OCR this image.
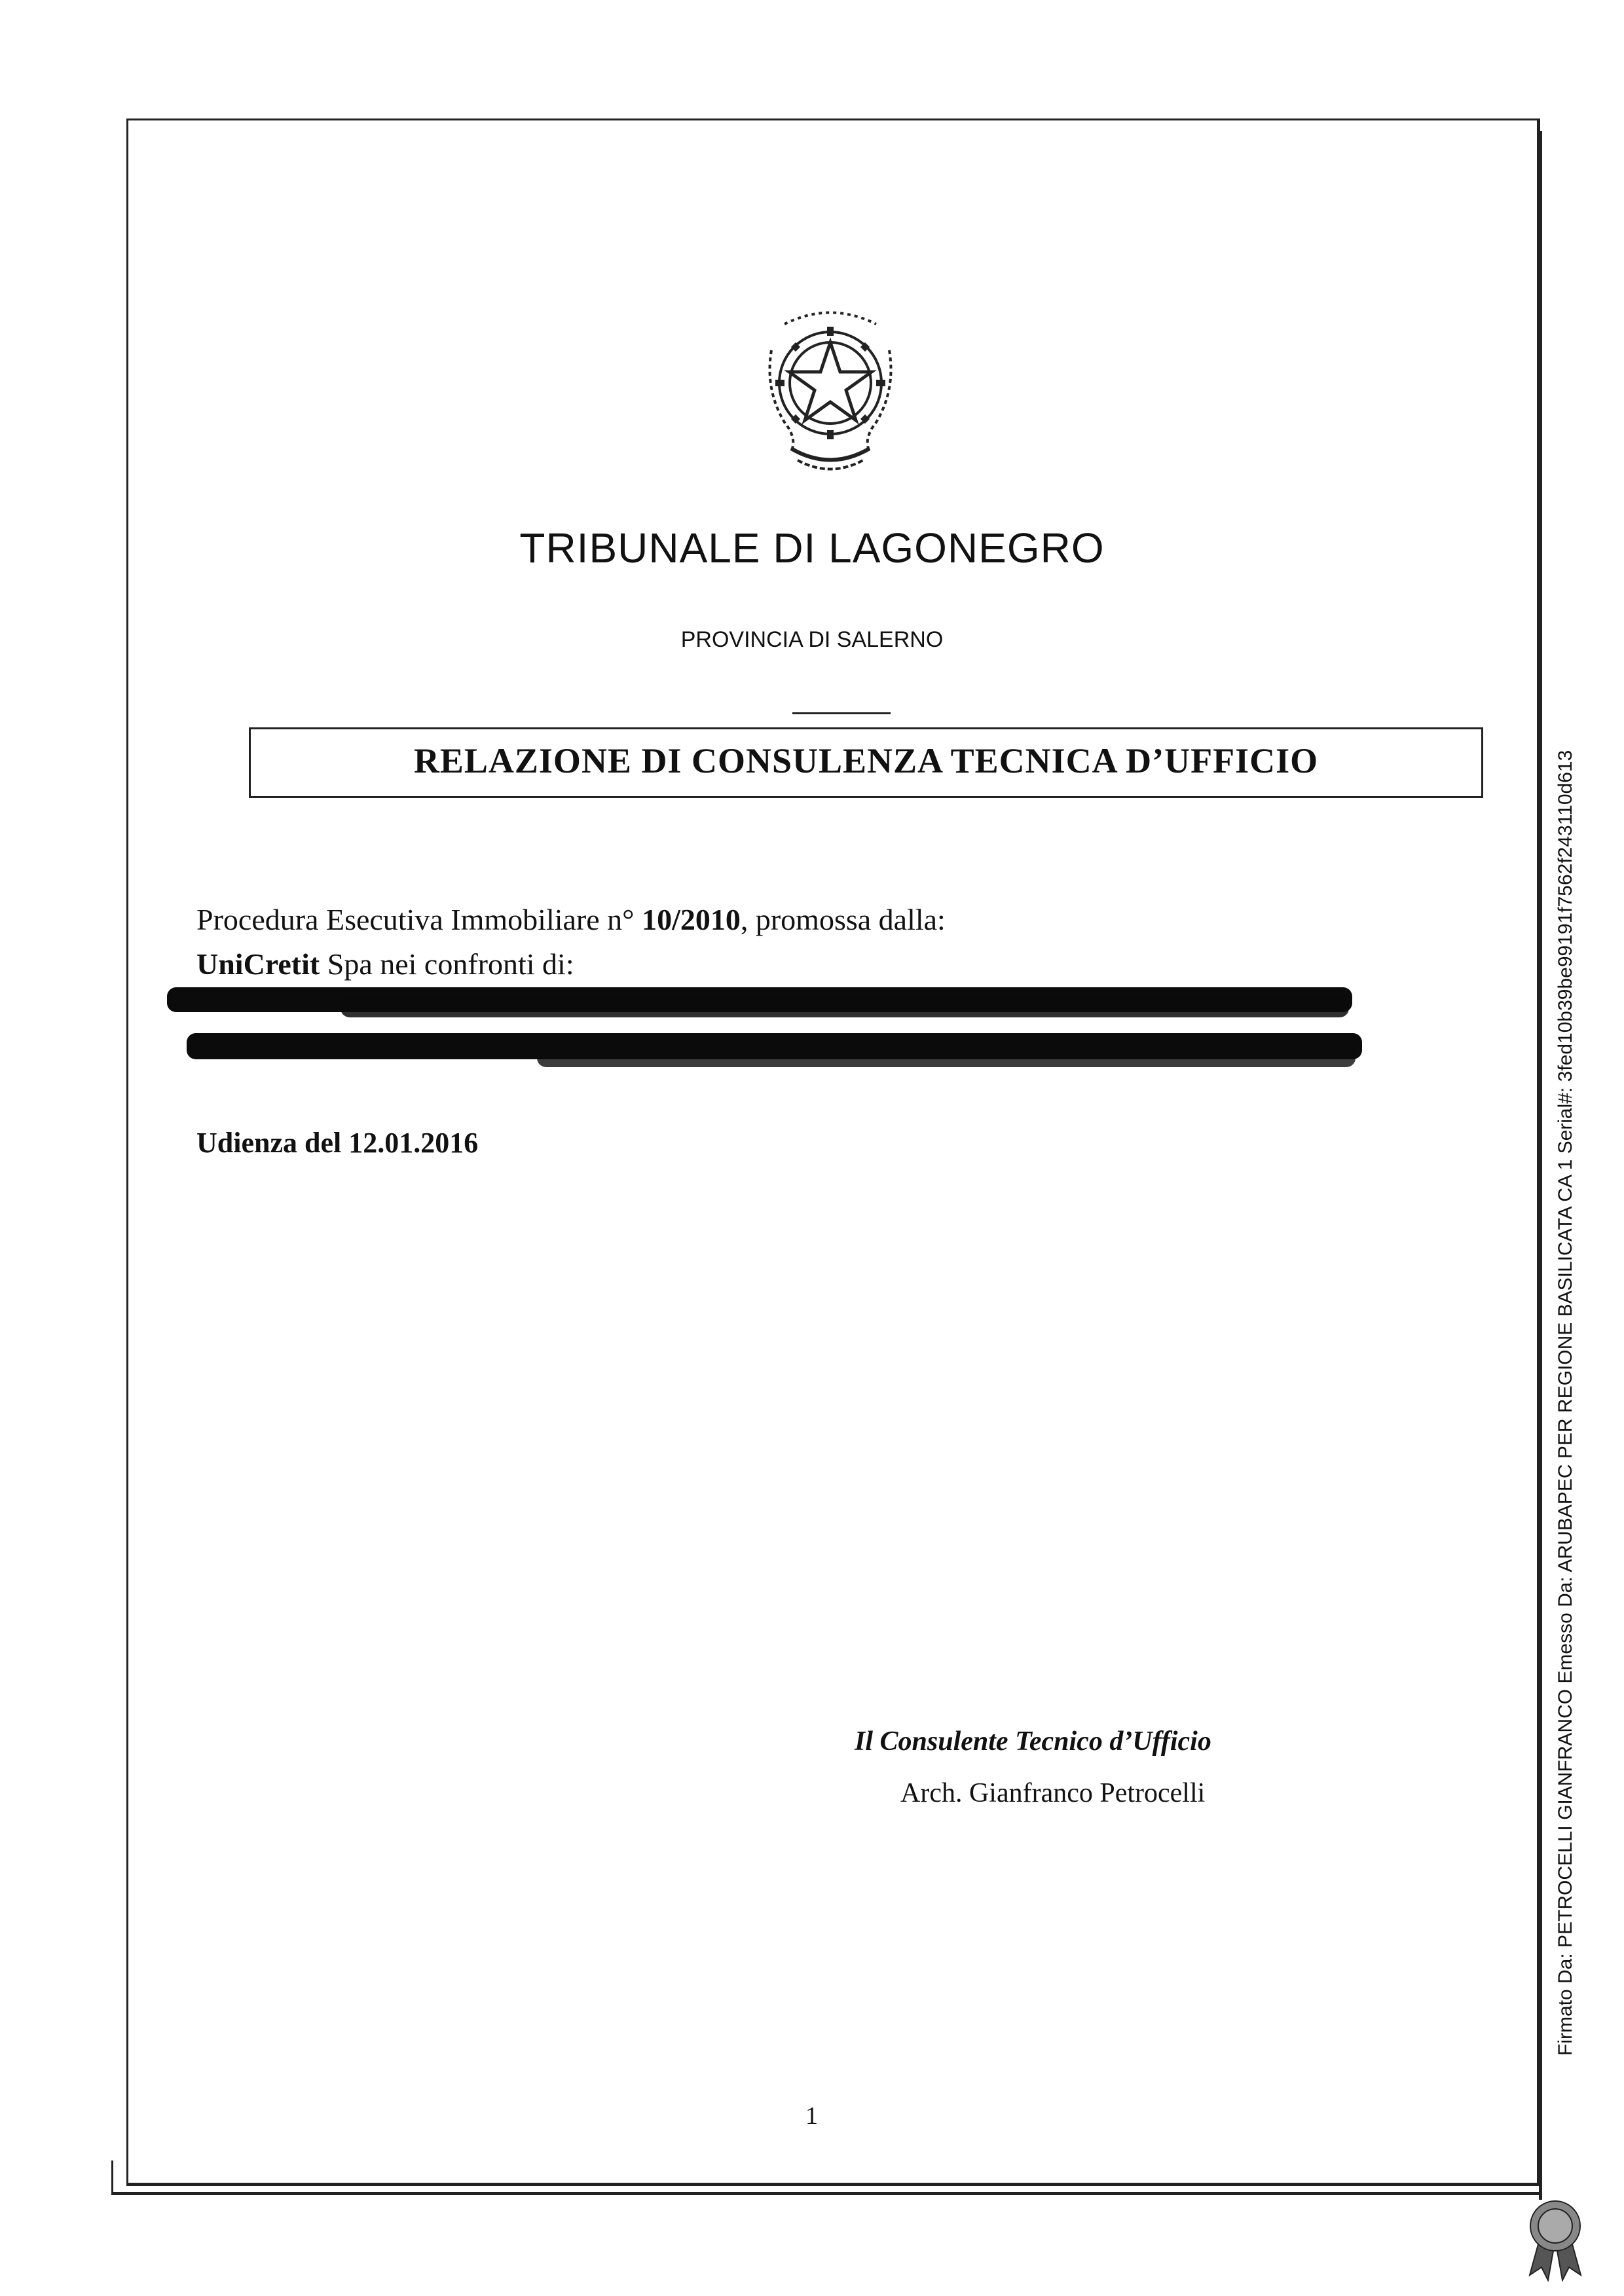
TRIBUNALE DI LAGONEGRO
PROVINCIA DI SALERNO
RELAZIONE DI CONSULENZA TECNICA D’UFFICIO
Procedura Esecutiva Immobiliare n° 10/2010, promossa dalla:
UniCretit Spa nei confronti di:
Udienza del 12.01.2016
Il Consulente Tecnico d’Ufficio
Arch. Gianfranco Petrocelli
1
Firmato Da: PETROCELLI GIANFRANCO Emesso Da: ARUBAPEC PER REGIONE BASILICATA CA 1 Serial#: 3fed10b39be99191f7562f243110d613
